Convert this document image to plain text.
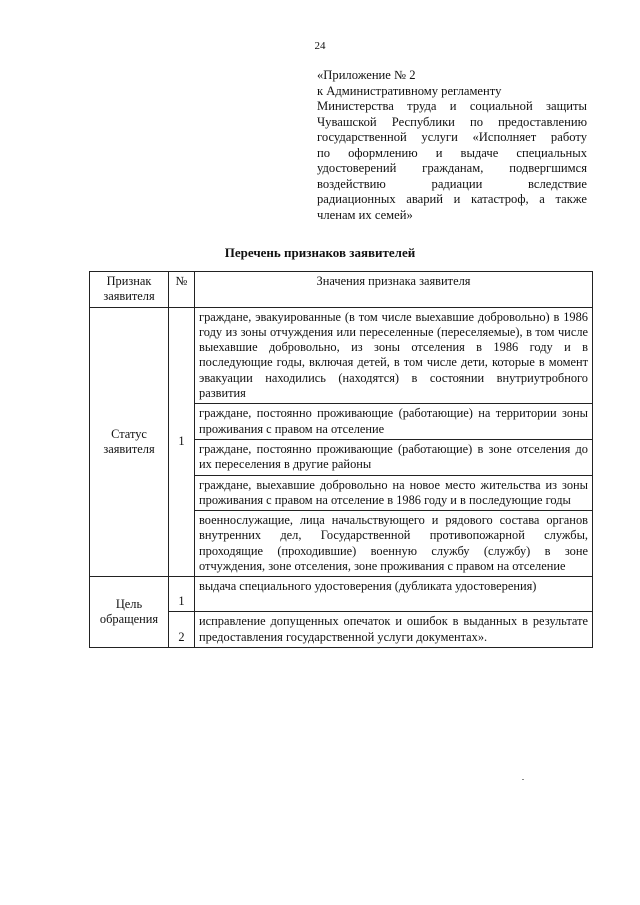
24
«Приложение № 2
к Административному регламенту
Министерства труда и социальной защиты
Чувашской Республики по предоставлению
государственной услуги «Исполняет работу
по оформлению и выдаче специальных
удостоверений гражданам, подвергшимся
воздействию радиации вследствие
радиационных аварий и катастроф, а также
членам их семей»
Перечень признаков заявителей
Признак заявителя	№	Значения признака заявителя
Статус заявителя	1	граждане, эвакуированные (в том числе выехавшие добровольно) в 1986 году из зоны отчуждения или переселенные (переселяемые), в том числе выехавшие добровольно, из зоны отселения в 1986 году и в последующие годы, включая детей, в том числе дети, которые в момент эвакуации находились (находятся) в состоянии внутриутробного развития
		граждане, постоянно проживающие (работающие) на территории зоны проживания с правом на отселение
		граждане, постоянно проживающие (работающие) в зоне отселения до их переселения в другие районы
		граждане, выехавшие добровольно на новое место жительства из зоны проживания с правом на отселение в 1986 году и в последующие годы
		военнослужащие, лица начальствующего и рядового состава органов внутренних дел, Государственной противопожарной службы, проходящие (проходившие) военную службу (службу) в зоне отчуждения, зоне отселения, зоне проживания с правом на отселение
Цель обращения	1	выдача специального удостоверения (дубликата удостоверения)
	2	исправление допущенных опечаток и ошибок в выданных в результате предоставления государственной услуги документах».
